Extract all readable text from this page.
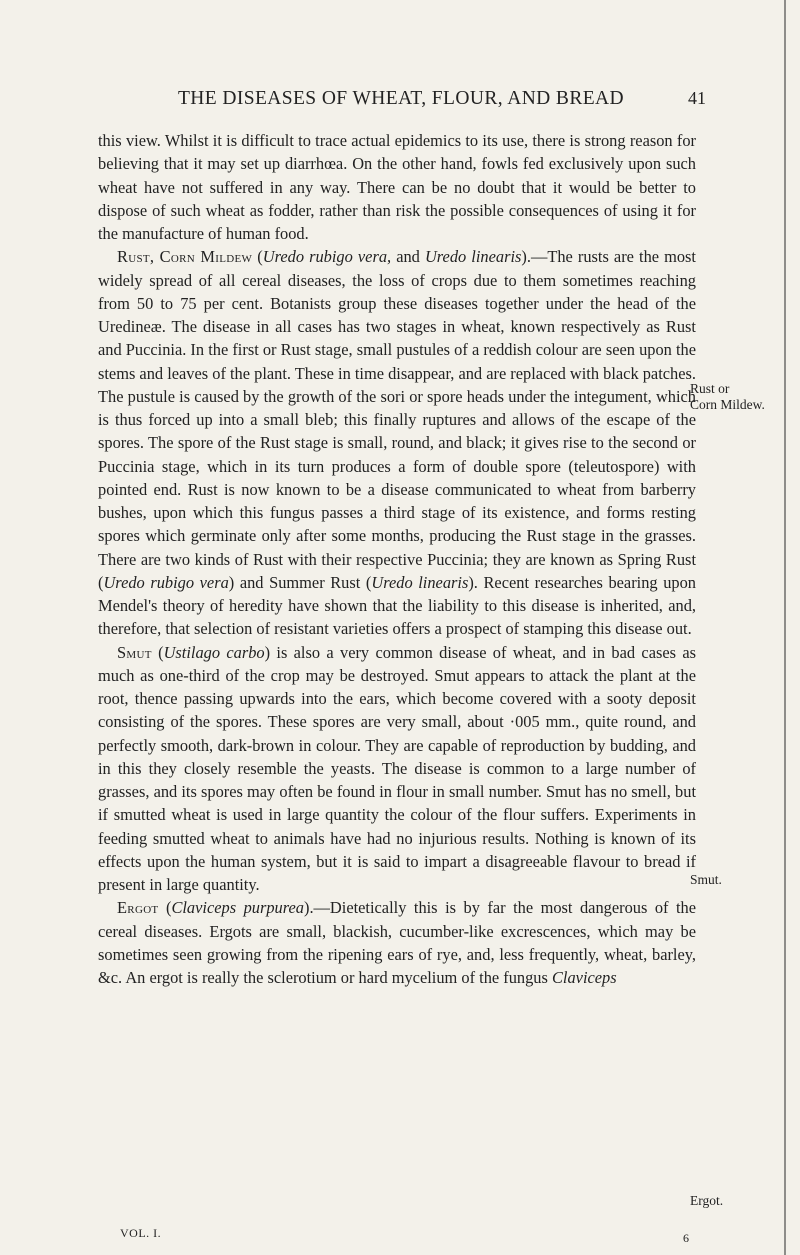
THE DISEASES OF WHEAT, FLOUR, AND BREAD	41

this view. Whilst it is difficult to trace actual epidemics to its use, there is strong reason for believing that it may set up diarrhœa. On the other hand, fowls fed exclusively upon such wheat have not suffered in any way. There can be no doubt that it would be better to dispose of such wheat as fodder, rather than risk the possible consequences of using it for the manufacture of human food.

Rust, Corn Mildew (Uredo rubigo vera, and Uredo linearis).—The rusts are the most widely spread of all cereal diseases, the loss of crops due to them sometimes reaching from 50 to 75 per cent. Botanists group these diseases together under the head of the Uredineæ. The disease in all cases has two stages in wheat, known respectively as Rust and Puccinia. In the first or Rust stage, small pustules of a reddish colour are seen upon the stems and leaves of the plant. These in time disappear, and are replaced with black patches. The pustule is caused by the growth of the sori or spore heads under the integument, which is thus forced up into a small bleb; this finally ruptures and allows of the escape of the spores. The spore of the Rust stage is small, round, and black; it gives rise to the second or Puccinia stage, which in its turn produces a form of double spore (teleutospore) with pointed end. Rust is now known to be a disease communicated to wheat from barberry bushes, upon which this fungus passes a third stage of its existence, and forms resting spores which germinate only after some months, producing the Rust stage in the grasses. There are two kinds of Rust with their respective Puccinia; they are known as Spring Rust (Uredo rubigo vera) and Summer Rust (Uredo linearis). Recent researches bearing upon Mendel's theory of heredity have shown that the liability to this disease is inherited, and, therefore, that selection of resistant varieties offers a prospect of stamping this disease out.

Smut (Ustilago carbo) is also a very common disease of wheat, and in bad cases as much as one-third of the crop may be destroyed. Smut appears to attack the plant at the root, thence passing upwards into the ears, which become covered with a sooty deposit consisting of the spores. These spores are very small, about ·005 mm., quite round, and perfectly smooth, dark-brown in colour. They are capable of reproduction by budding, and in this they closely resemble the yeasts. The disease is common to a large number of grasses, and its spores may often be found in flour in small number. Smut has no smell, but if smutted wheat is used in large quantity the colour of the flour suffers. Experiments in feeding smutted wheat to animals have had no injurious results. Nothing is known of its effects upon the human system, but it is said to impart a disagreeable flavour to bread if present in large quantity.

Ergot (Claviceps purpurea).—Dietetically this is by far the most dangerous of the cereal diseases. Ergots are small, blackish, cucumber-like excrescences, which may be sometimes seen growing from the ripening ears of rye, and, less frequently, wheat, barley, &c. An ergot is really the sclerotium or hard mycelium of the fungus Claviceps

Rust or
Corn Mildew.
Smut.
Ergot.
VOL. I.	6
